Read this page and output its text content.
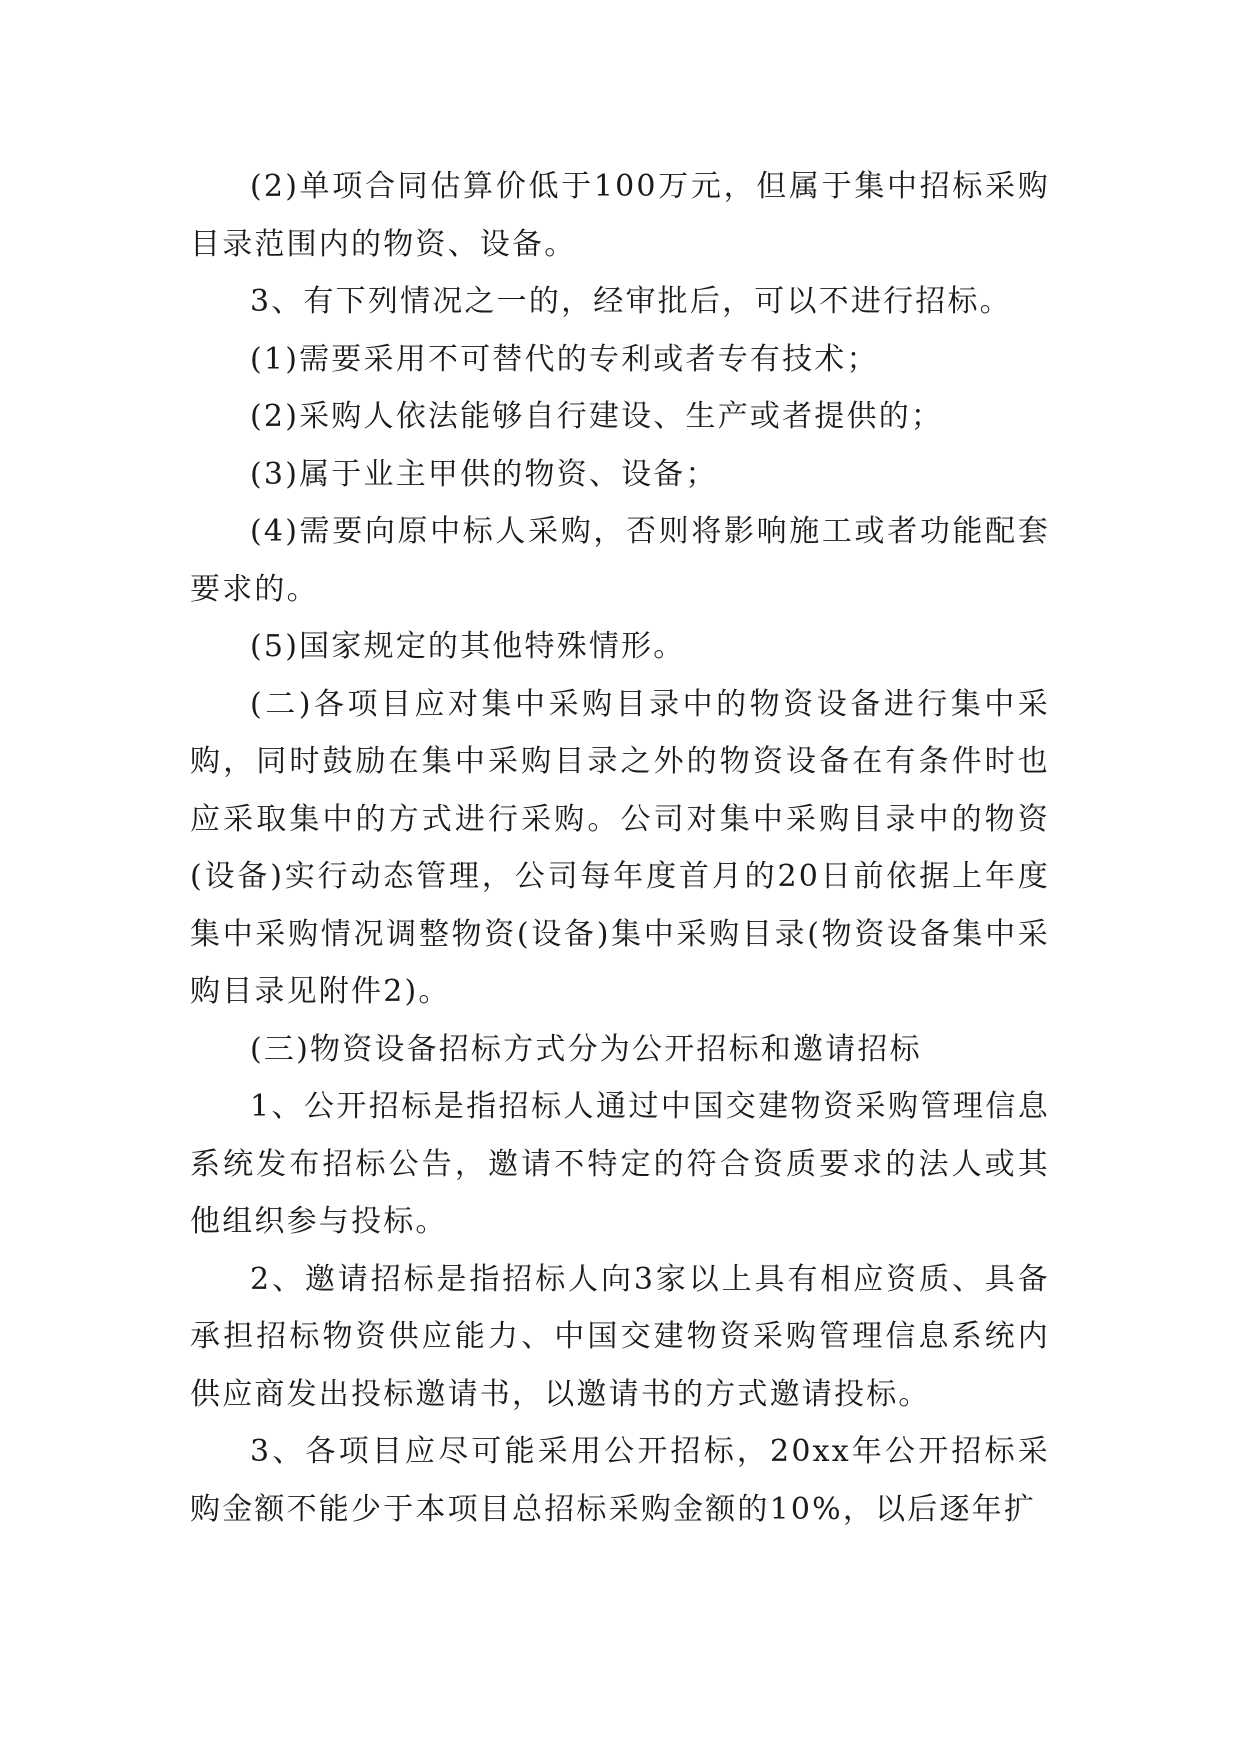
(2)单项合同估算价低于100万元，但属于集中招标采购目录范围内的物资、设备。

3、有下列情况之一的，经审批后，可以不进行招标。

(1)需要采用不可替代的专利或者专有技术；

(2)采购人依法能够自行建设、生产或者提供的；

(3)属于业主甲供的物资、设备；

(4)需要向原中标人采购，否则将影响施工或者功能配套要求的。

(5)国家规定的其他特殊情形。

(二)各项目应对集中采购目录中的物资设备进行集中采购，同时鼓励在集中采购目录之外的物资设备在有条件时也应采取集中的方式进行采购。公司对集中采购目录中的物资(设备)实行动态管理，公司每年度首月的20日前依据上年度集中采购情况调整物资(设备)集中采购目录(物资设备集中采购目录见附件2)。

(三)物资设备招标方式分为公开招标和邀请招标

1、公开招标是指招标人通过中国交建物资采购管理信息系统发布招标公告，邀请不特定的符合资质要求的法人或其他组织参与投标。

2、邀请招标是指招标人向3家以上具有相应资质、具备承担招标物资供应能力、中国交建物资采购管理信息系统内供应商发出投标邀请书，以邀请书的方式邀请投标。

3、各项目应尽可能采用公开招标，20xx年公开招标采购金额不能少于本项目总招标采购金额的10%，以后逐年扩
